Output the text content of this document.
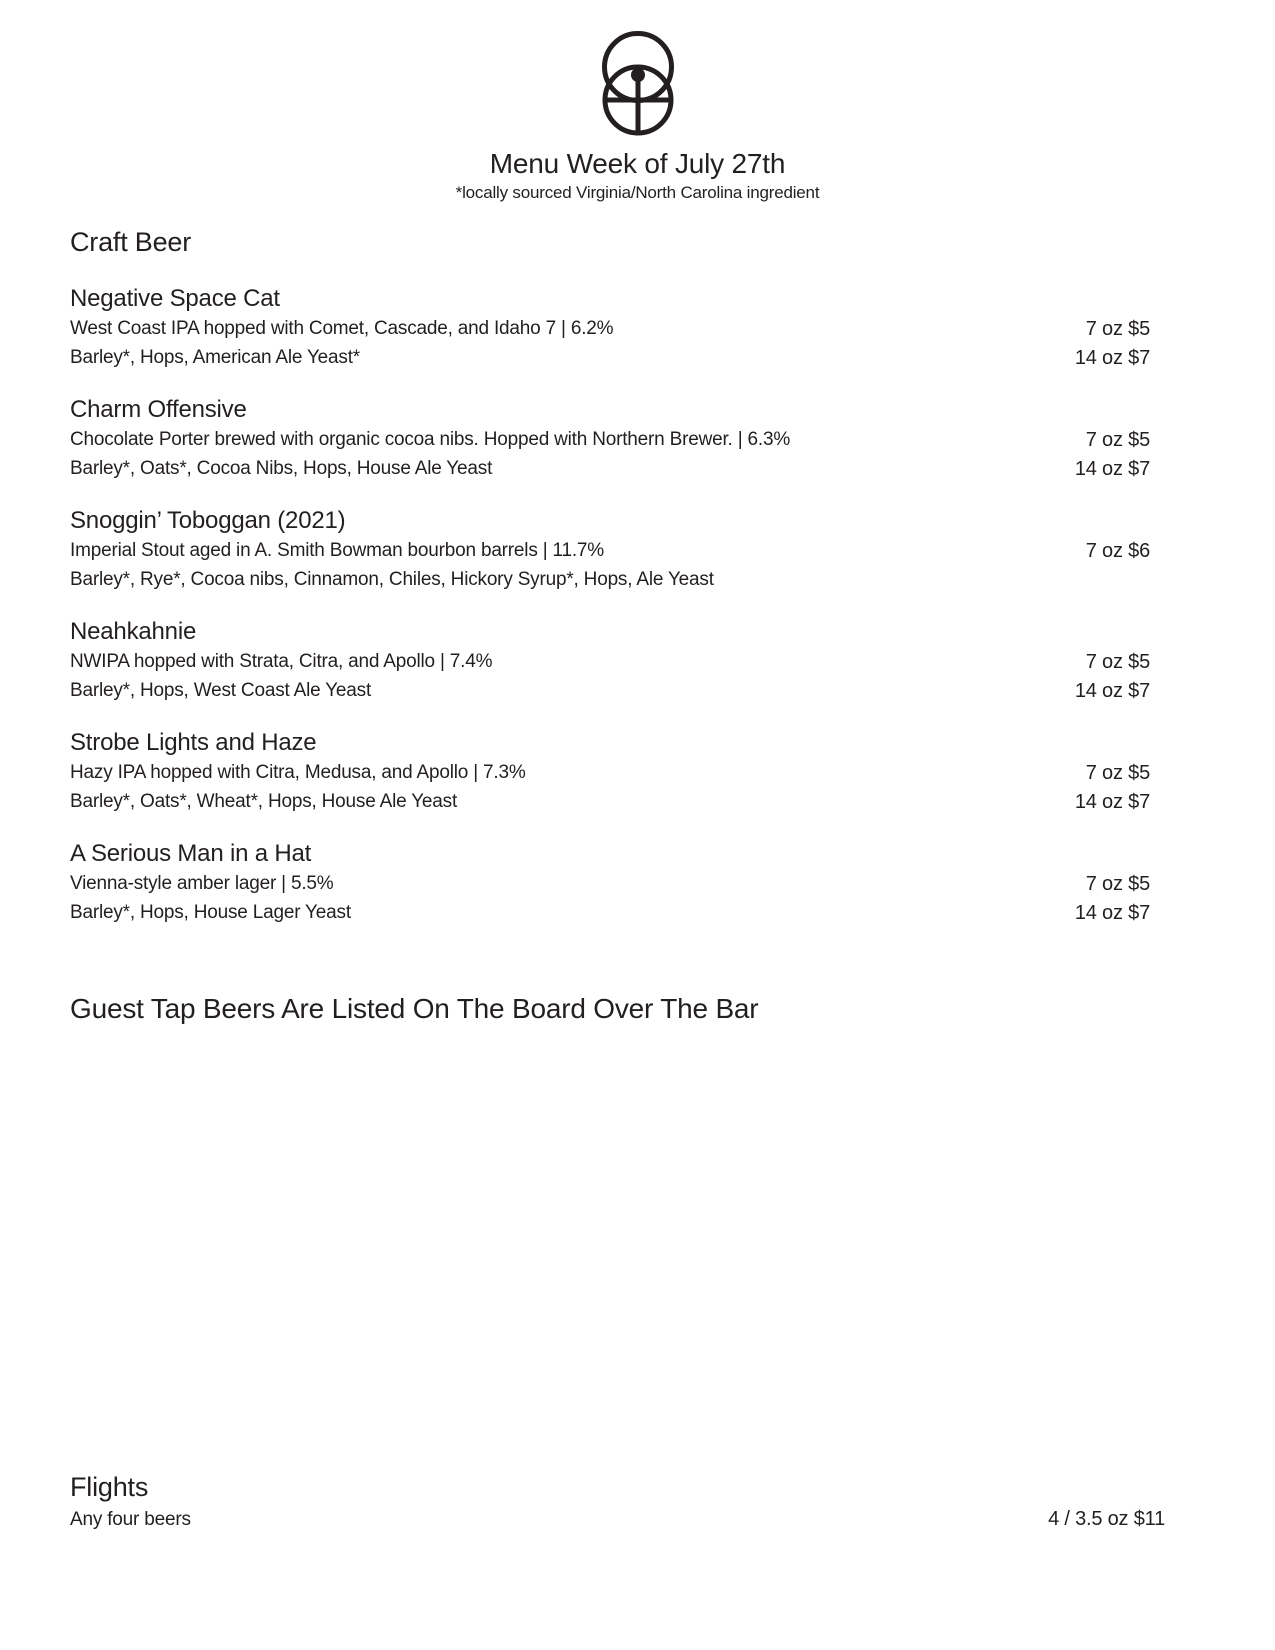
Menu Week of July 27th

*locally sourced Virginia/North Carolina ingredient

Craft Beer
Negative Space Cat

West Coast IPA hopped with Comet, Cascade, and Idaho 7 | 6.2%

Barley*, Hops, American Ale Yeast*

7 oz $5

14 oz $7

Charm Offensive

Chocolate Porter brewed with organic cocoa nibs. Hopped with Northern Brewer. | 6.3%

Barley*, Oats*, Cocoa Nibs, Hops, House Ale Yeast

7 oz $5

14 oz $7

Snoggin’ Toboggan (2021)

Imperial Stout aged in A. Smith Bowman bourbon barrels | 11.7%

Barley*, Rye*, Cocoa nibs, Cinnamon, Chiles, Hickory Syrup*, Hops, Ale Yeast

7 oz $6

Neahkahnie

NWIPA hopped with Strata, Citra, and Apollo | 7.4%

Barley*, Hops, West Coast Ale Yeast

7 oz $5

14 oz $7

Strobe Lights and Haze

Hazy IPA hopped with Citra, Medusa, and Apollo | 7.3%

Barley*, Oats*, Wheat*, Hops, House Ale Yeast

7 oz $5

14 oz $7

A Serious Man in a Hat

Vienna-style amber lager | 5.5%

Barley*, Hops, House Lager Yeast

7 oz $5

14 oz $7

Guest Tap Beers Are Listed On The Board Over The Bar
Flights

Any four beers	4 / 3.5 oz $11
